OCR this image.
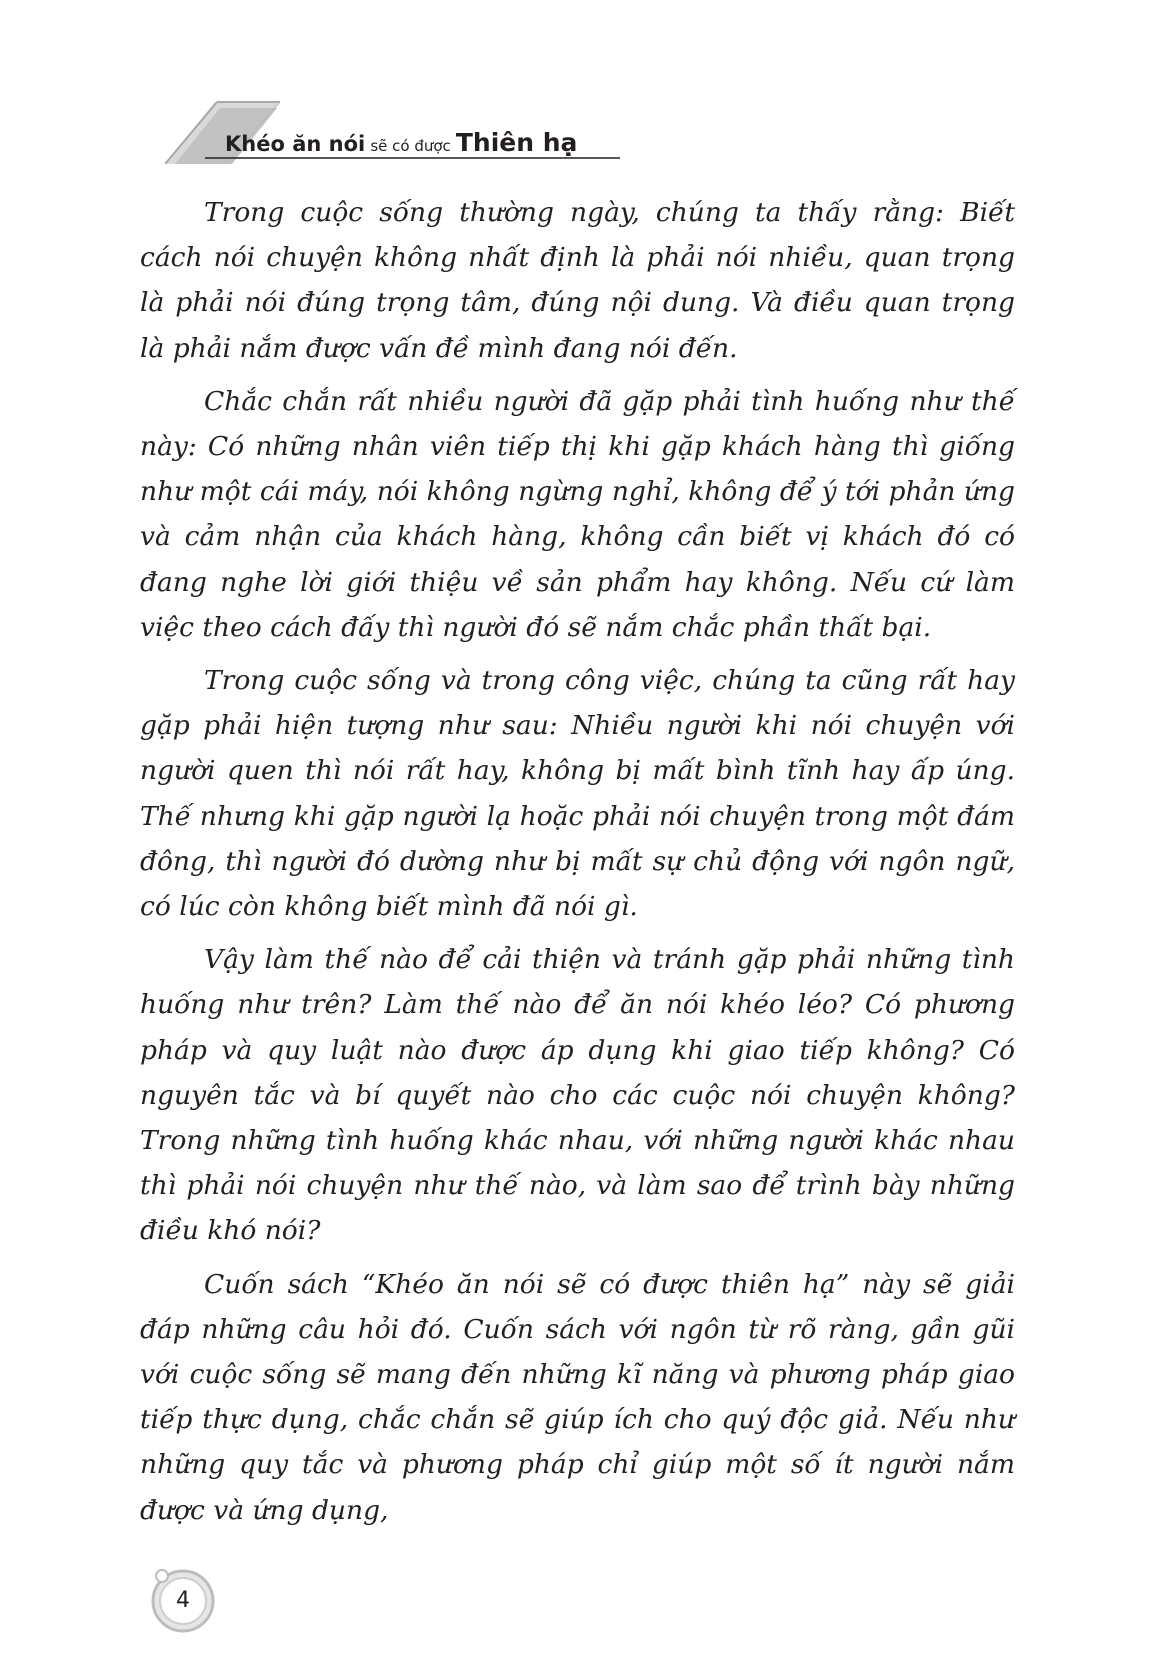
Khéo ăn nói sẽ có được Thiên hạ

Trong cuộc sống thường ngày, chúng ta thấy rằng: Biết cách nói chuyện không nhất định là phải nói nhiều, quan trọng là phải nói đúng trọng tâm, đúng nội dung. Và điều quan trọng là phải nắm được vấn đề mình đang nói đến.

Chắc chắn rất nhiều người đã gặp phải tình huống như thế này: Có những nhân viên tiếp thị khi gặp khách hàng thì giống như một cái máy, nói không ngừng nghỉ, không để ý tới phản ứng và cảm nhận của khách hàng, không cần biết vị khách đó có đang nghe lời giới thiệu về sản phẩm hay không. Nếu cứ làm việc theo cách đấy thì người đó sẽ nắm chắc phần thất bại.

Trong cuộc sống và trong công việc, chúng ta cũng rất hay gặp phải hiện tượng như sau: Nhiều người khi nói chuyện với người quen thì nói rất hay, không bị mất bình tĩnh hay ấp úng. Thế nhưng khi gặp người lạ hoặc phải nói chuyện trong một đám đông, thì người đó dường như bị mất sự chủ động với ngôn ngữ, có lúc còn không biết mình đã nói gì.

Vậy làm thế nào để cải thiện và tránh gặp phải những tình huống như trên? Làm thế nào để ăn nói khéo léo? Có phương pháp và quy luật nào được áp dụng khi giao tiếp không? Có nguyên tắc và bí quyết nào cho các cuộc nói chuyện không? Trong những tình huống khác nhau, với những người khác nhau thì phải nói chuyện như thế nào, và làm sao để trình bày những điều khó nói?

Cuốn sách “Khéo ăn nói sẽ có được thiên hạ” này sẽ giải đáp những câu hỏi đó. Cuốn sách với ngôn từ rõ ràng, gần gũi với cuộc sống sẽ mang đến những kĩ năng và phương pháp giao tiếp thực dụng, chắc chắn sẽ giúp ích cho quý độc giả. Nếu như những quy tắc và phương pháp chỉ giúp một số ít người nắm được và ứng dụng,

4
